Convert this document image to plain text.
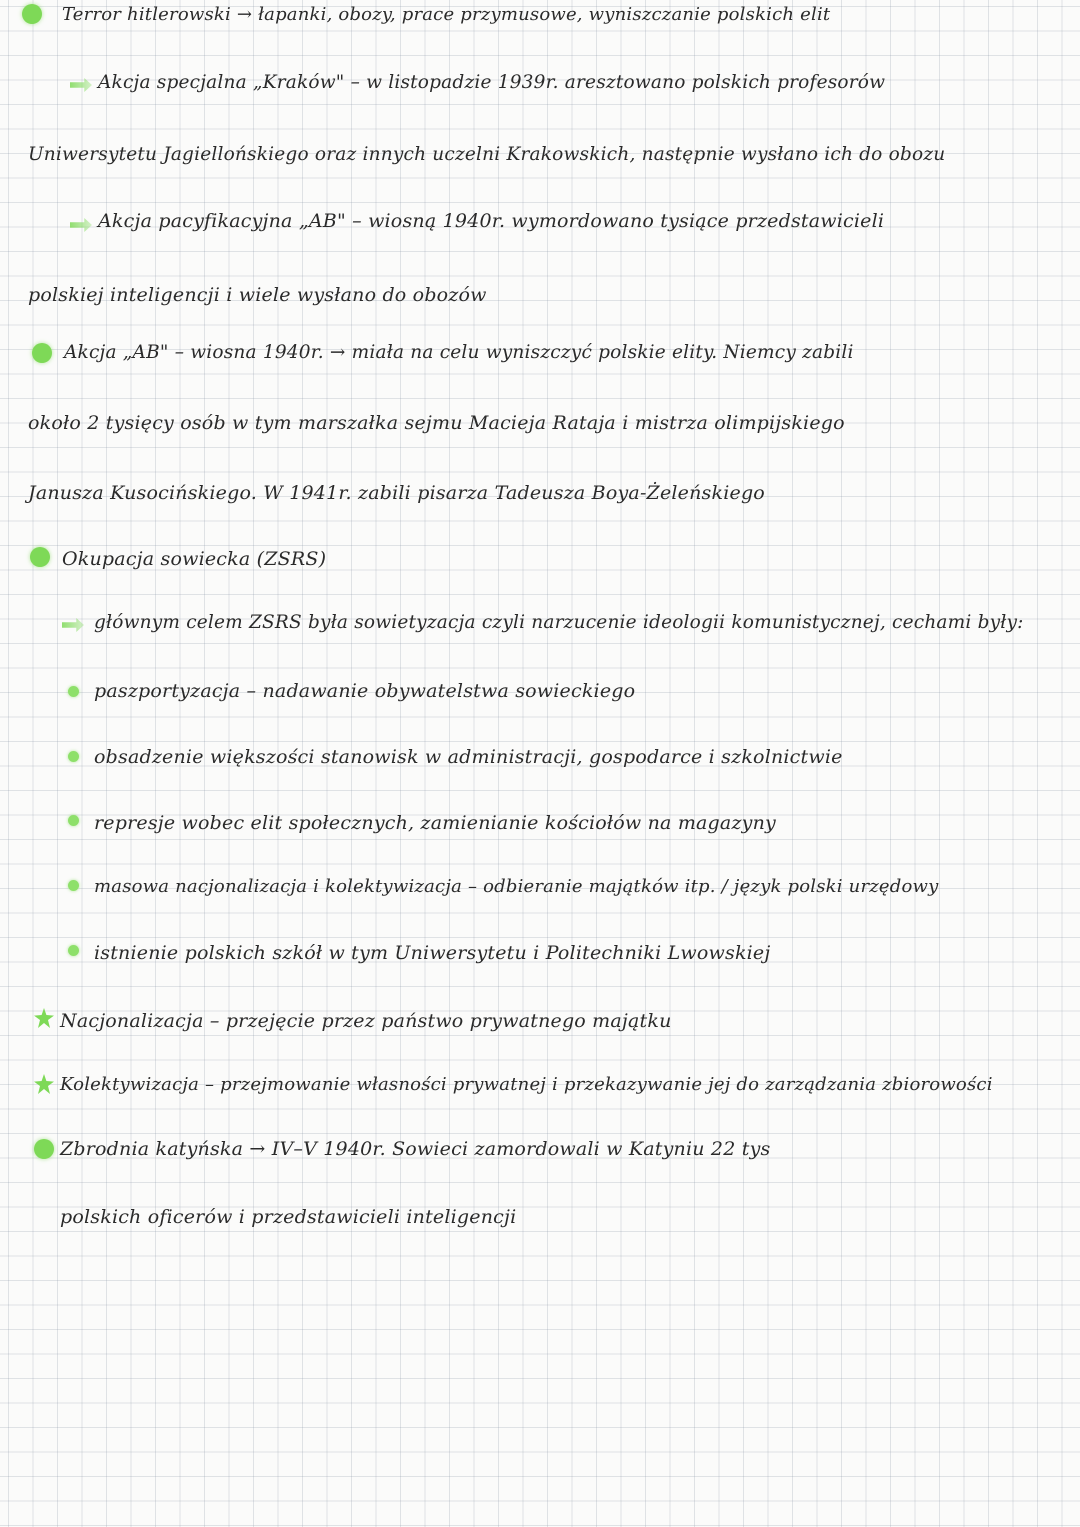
Terror hitlerowski → łapanki, obozy, prace przymusowe, wyniszczanie polskich elit
Akcja specjalna „Kraków" – w listopadzie 1939r. aresztowano polskich profesorów
Uniwersytetu Jagiellońskiego oraz innych uczelni Krakowskich, następnie wysłano ich do obozu
Akcja pacyfikacyjna „AB" – wiosną 1940r. wymordowano tysiące przedstawicieli
polskiej inteligencji i wiele wysłano do obozów
Akcja „AB" – wiosna 1940r. → miała na celu wyniszczyć polskie elity. Niemcy zabili
około 2 tysięcy osób w tym marszałka sejmu Macieja Rataja i mistrza olimpijskiego
Janusza Kusocińskiego. W 1941r. zabili pisarza Tadeusza Boya-Żeleńskiego
Okupacja sowiecka (ZSRS)
głównym celem ZSRS była sowietyzacja czyli narzucenie ideologii komunistycznej, cechami były:
paszportyzacja – nadawanie obywatelstwa sowieckiego
obsadzenie większości stanowisk w administracji, gospodarce i szkolnictwie
represje wobec elit społecznych, zamienianie kościołów na magazyny
masowa nacjonalizacja i kolektywizacja – odbieranie majątków itp. / język polski urzędowy
istnienie polskich szkół w tym Uniwersytetu i Politechniki Lwowskiej
Nacjonalizacja – przejęcie przez państwo prywatnego majątku
Kolektywizacja – przejmowanie własności prywatnej i przekazywanie jej do zarządzania zbiorowości
Zbrodnia katyńska → IV–V 1940r. Sowieci zamordowali w Katyniu 22 tys
polskich oficerów i przedstawicieli inteligencji
